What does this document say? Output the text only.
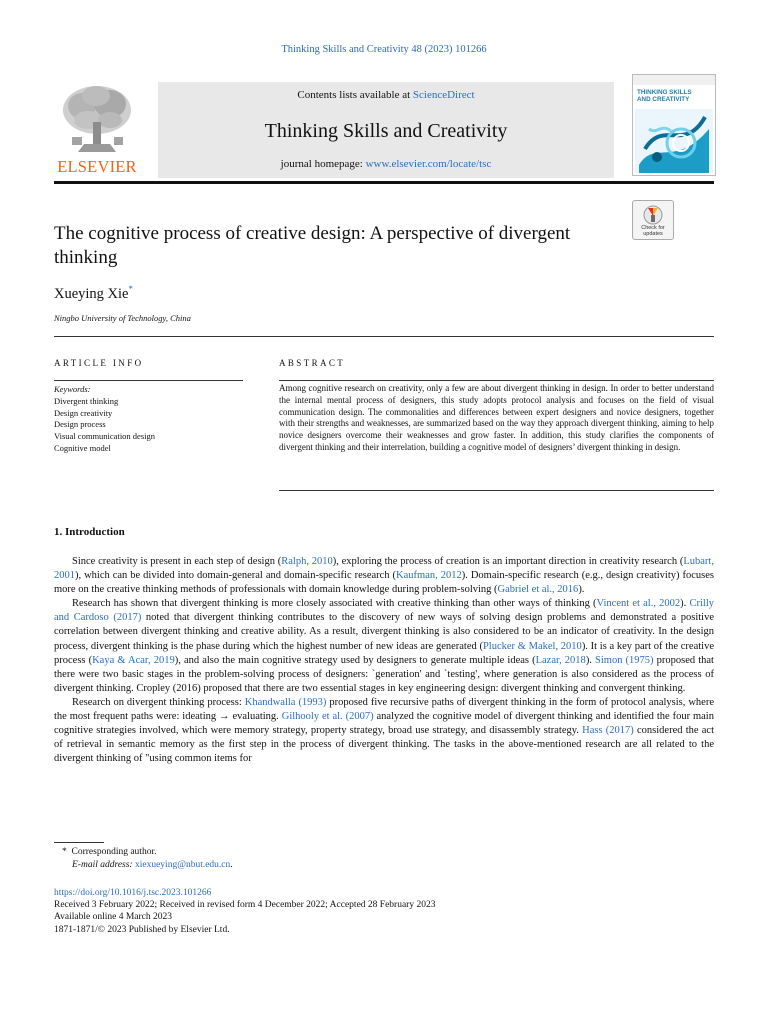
Thinking Skills and Creativity 48 (2023) 101266
ELSEVIER
Contents lists available at ScienceDirect
Thinking Skills and Creativity
journal homepage: www.elsevier.com/locate/tsc
THINKING SKILLS
AND CREATIVITY
Check for
updates
The cognitive process of creative design: A perspective of divergent thinking
Xueying Xie*
Ningbo University of Technology, China
ARTICLE INFO	ABSTRACT
Keywords:
Divergent thinking
Design creativity
Design process
Visual communication design
Cognitive model

Among cognitive research on creativity, only a few are about divergent thinking in design. In order to better understand the internal mental process of designers, this study adopts protocol analysis and focuses on the field of visual communication design. The commonalities and differences between expert designers and novice designers, together with their strengths and weaknesses, are summarized based on the way they approach divergent thinking, aiming to help novice designers overcome their weaknesses and grow faster. In addition, this study clarifies the components of divergent thinking and their interrelation, building a cognitive model of designers’ divergent thinking in design.

1. Introduction

Since creativity is present in each step of design (Ralph, 2010), exploring the process of creation is an important direction in creativity research (Lubart, 2001), which can be divided into domain-general and domain-specific research (Kaufman, 2012). Domain-specific research (e.g., design creativity) focuses more on the creative thinking methods of professionals with domain knowledge during problem-solving (Gabriel et al., 2016).

Research has shown that divergent thinking is more closely associated with creative thinking than other ways of thinking (Vincent et al., 2002). Crilly and Cardoso (2017) noted that divergent thinking contributes to the discovery of new ways of solving design problems and demonstrated a positive correlation between divergent thinking and creative ability. As a result, divergent thinking is also considered to be an indicator of creativity. In the design process, divergent thinking is the phase during which the highest number of new ideas are generated (Plucker & Makel, 2010). It is a key part of the creative process (Kaya & Acar, 2019), and also the main cognitive strategy used by designers to generate multiple ideas (Lazar, 2018). Simon (1975) proposed that there were two basic stages in the problem-solving process of designers: `generation' and `testing', where generation is also considered as the process of divergent thinking. Cropley (2016) proposed that there are two essential stages in key engineering design: divergent thinking and convergent thinking.

Research on divergent thinking process: Khandwalla (1993) proposed five recursive paths of divergent thinking in the form of protocol analysis, where the most frequent paths were: ideating → evaluating. Gilhooly et al. (2007) analyzed the cognitive model of divergent thinking and identified the four main cognitive strategies involved, which were memory strategy, property strategy, broad use strategy, and disassembly strategy. Hass (2017) considered the act of retrieval in semantic memory as the first step in the process of divergent thinking. The tasks in the above-mentioned research are all related to the divergent thinking of "using common items for

* Corresponding author.
E-mail address: xiexueying@nbut.edu.cn.
https://doi.org/10.1016/j.tsc.2023.101266
Received 3 February 2022; Received in revised form 4 December 2022; Accepted 28 February 2023
Available online 4 March 2023
1871-1871/© 2023 Published by Elsevier Ltd.
